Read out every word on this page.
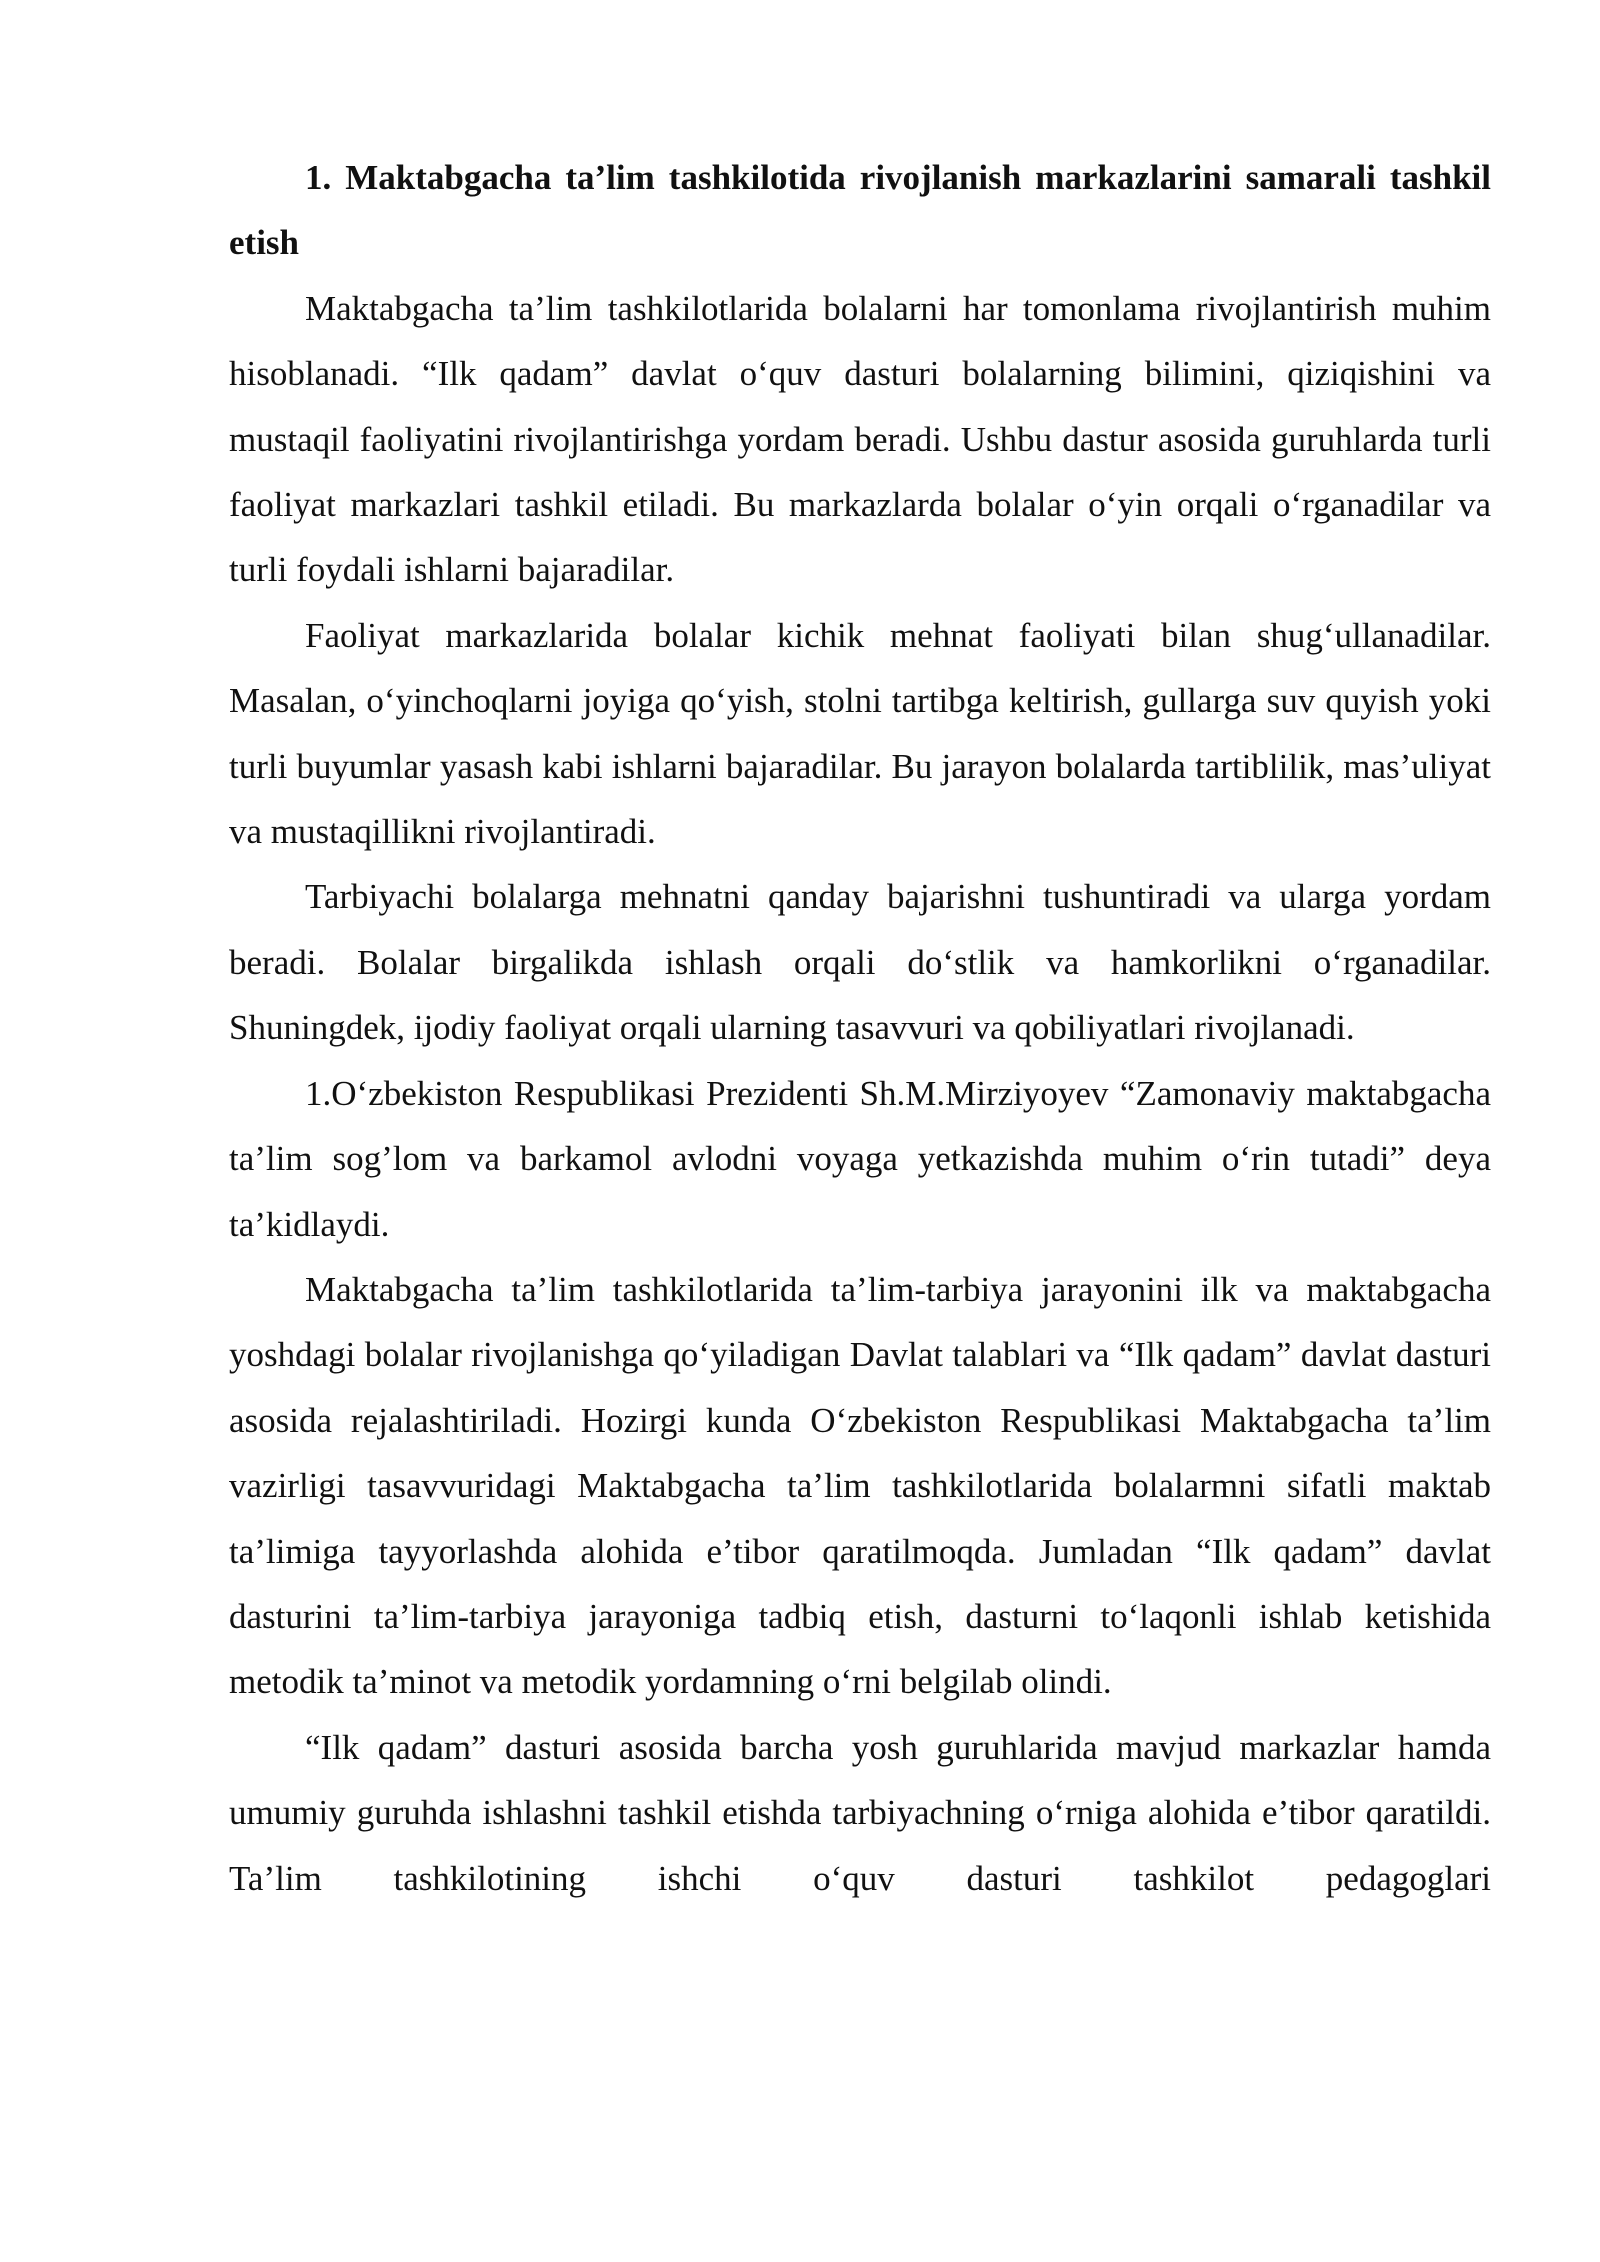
1. Maktabgacha ta’lim tashkilotida rivojlanish markazlarini samarali tashkil etish

Maktabgacha ta’lim tashkilotlarida bolalarni har tomonlama rivojlantirish muhim hisoblanadi. “Ilk qadam” davlat o‘quv dasturi bolalarning bilimini, qiziqishini va mustaqil faoliyatini rivojlantirishga yordam beradi. Ushbu dastur asosida guruhlarda turli faoliyat markazlari tashkil etiladi. Bu markazlarda bolalar o‘yin orqali o‘rganadilar va turli foydali ishlarni bajaradilar.

Faoliyat markazlarida bolalar kichik mehnat faoliyati bilan shug‘ullanadilar. Masalan, o‘yinchoqlarni joyiga qo‘yish, stolni tartibga keltirish, gullarga suv quyish yoki turli buyumlar yasash kabi ishlarni bajaradilar. Bu jarayon bolalarda tartiblilik, mas’uliyat va mustaqillikni rivojlantiradi.

Tarbiyachi bolalarga mehnatni qanday bajarishni tushuntiradi va ularga yordam beradi. Bolalar birgalikda ishlash orqali do‘stlik va hamkorlikni o‘rganadilar. Shuningdek, ijodiy faoliyat orqali ularning tasavvuri va qobiliyatlari rivojlanadi.

1.O‘zbekiston Respublikasi Prezidenti Sh.M.Mirziyoyev “Zamonaviy maktabgacha ta’lim sog’lom va barkamol avlodni voyaga yetkazishda muhim o‘rin tutadi” deya ta’kidlaydi.

Maktabgacha ta’lim tashkilotlarida ta’lim-tarbiya jarayonini ilk va maktabgacha yoshdagi bolalar rivojlanishga qo‘yiladigan Davlat talablari va “Ilk qadam” davlat dasturi asosida rejalashtiriladi. Hozirgi kunda O‘zbekiston Respublikasi Maktabgacha ta’lim vazirligi tasavvuridagi Maktabgacha ta’lim tashkilotlarida bolalarmni sifatli maktab ta’limiga tayyorlashda alohida e’tibor qaratilmoqda. Jumladan “Ilk qadam” davlat dasturini ta’lim-tarbiya jarayoniga tadbiq etish, dasturni to‘laqonli ishlab ketishida metodik ta’minot va metodik yordamning o‘rni belgilab olindi.

“Ilk qadam” dasturi asosida barcha yosh guruhlarida mavjud markazlar hamda umumiy guruhda ishlashni tashkil etishda tarbiyachning o‘rniga alohida e’tibor qaratildi. Ta’lim tashkilotining ishchi o‘quv dasturi tashkilot pedagoglari
